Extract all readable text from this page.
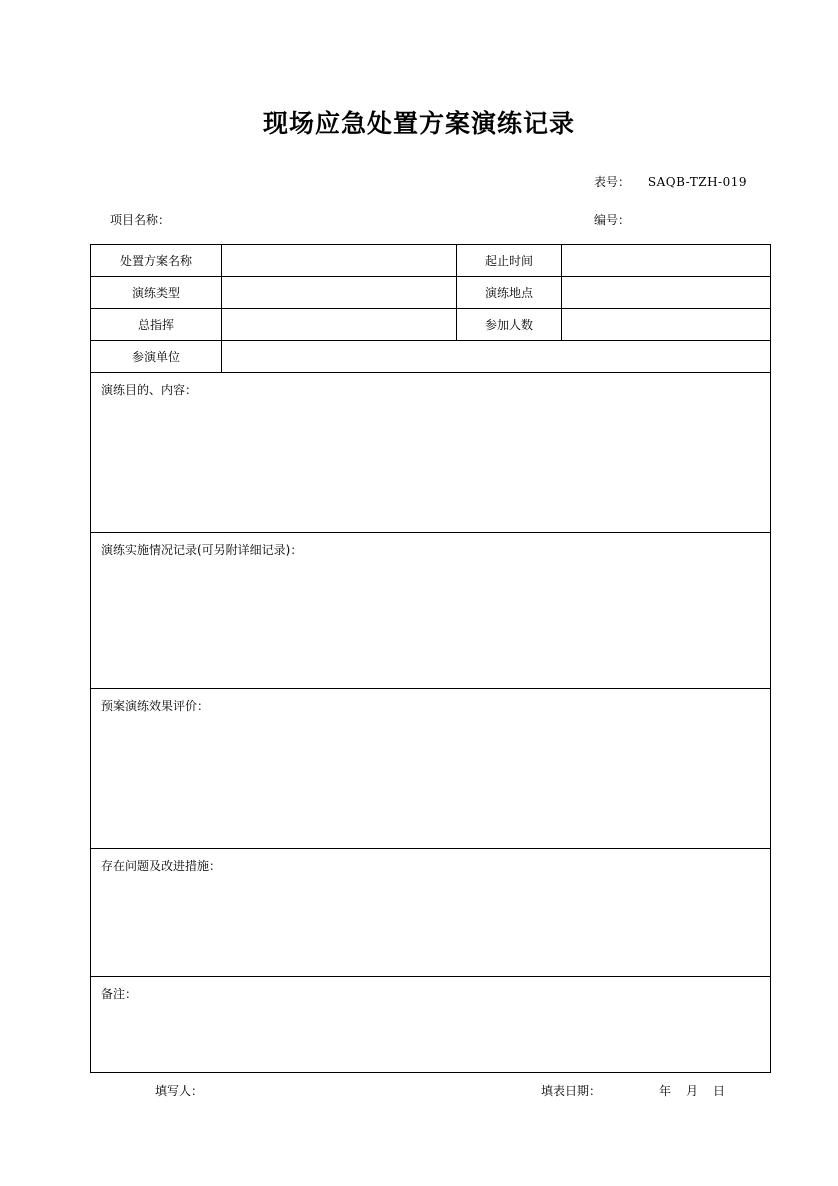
现场应急处置方案演练记录
表号： SAQB-TZH-019
项目名称：	编号：
处置方案名称		起止时间	
演练类型		演练地点	
总指挥		参加人数	
参演单位			
演练目的、内容：			
演练实施情况记录(可另附详细记录)：			
预案演练效果评价：			
存在问题及改进措施：			
备注：			
填写人：	填表日期：	年 月 日
